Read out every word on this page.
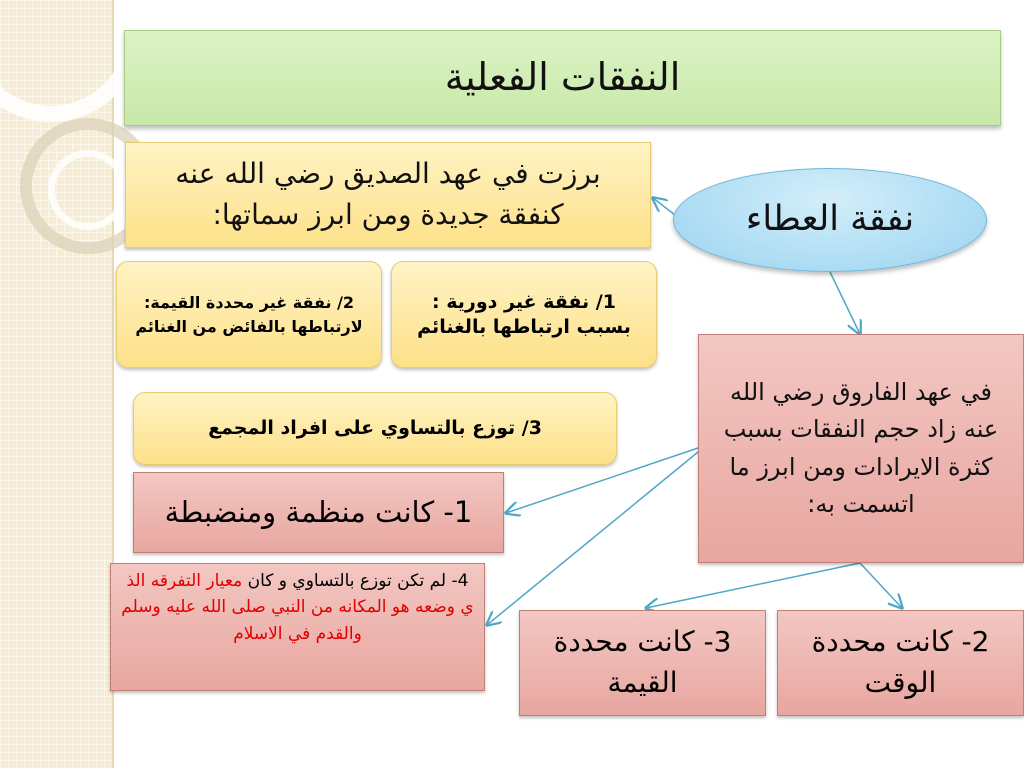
النفقات الفعلية
نفقة العطاء
برزت في عهد الصديق رضي الله عنه كنفقة جديدة ومن ابرز سماتها:
1/ نفقة غير دورية : بسبب ارتباطها بالغنائم
2/ نفقة غير محددة القيمة: لارتباطها بالفائض من الغنائم
3/ توزع بالتساوي على افراد المجمع
في عهد الفاروق رضي الله عنه زاد حجم النفقات بسبب كثرة الايرادات ومن ابرز ما اتسمت به:
1- كانت منظمة ومنضبطة
4- لم تكن توزع بالتساوي و كان معيار التفرقه الذ ي وضعه هو المكانه من النبي صلى الله عليه وسلم والقدم في الاسلام	3- كانت محددة القيمة
2- كانت محددة الوقت
